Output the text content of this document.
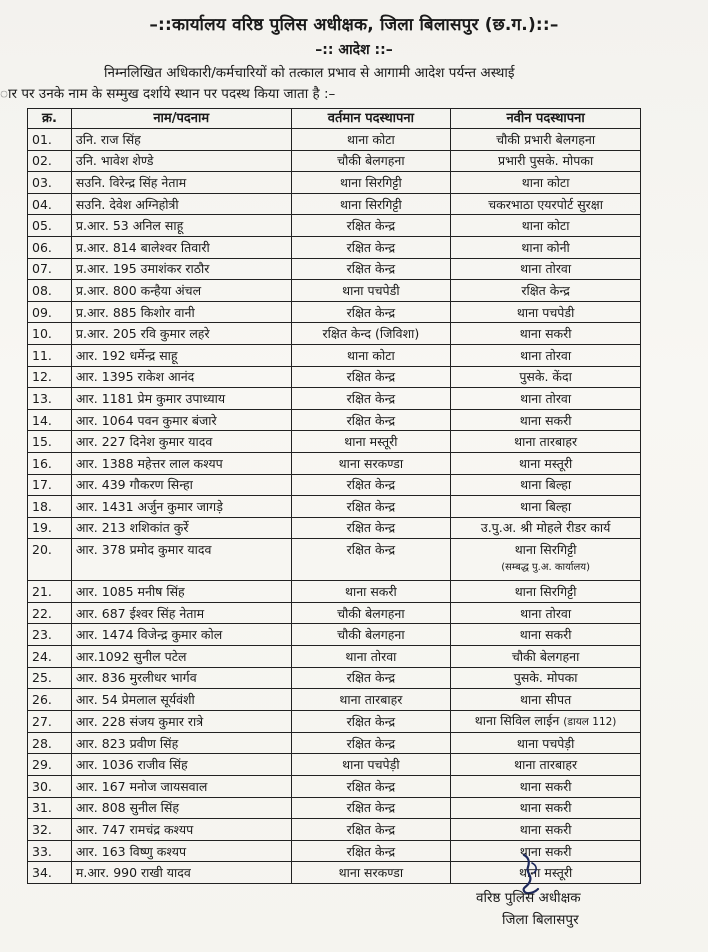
–::कार्यालय वरिष्ठ पुलिस अधीक्षक, जिला बिलासपुर (छ.ग.)::–
–:: आदेश ::–
निम्नलिखित अधिकारी/कर्मचारियों को तत्काल प्रभाव से आगामी आदेश पर्यन्त अस्थाई
ार पर उनके नाम के सम्मुख दर्शाये स्थान पर पदस्थ किया जाता है :–
क्र.	नाम/पदनाम	वर्तमान पदस्थापना	नवीन पदस्थापना
01.	उनि. राज सिंह	थाना कोटा	चौकी प्रभारी बेलगहना
02.	उनि. भावेश शेण्डे	चौकी बेलगहना	प्रभारी पुसके. मोपका
03.	सउनि. विरेन्द्र सिंह नेताम	थाना सिरगिट्टी	थाना कोटा
04.	सउनि. देवेश अग्निहोत्री	थाना सिरगिट्टी	चकरभाठा एयरपोर्ट सुरक्षा
05.	प्र.आर. 53 अनिल साहू	रक्षित केन्द्र	थाना कोटा
06.	प्र.आर. 814 बालेश्वर तिवारी	रक्षित केन्द्र	थाना कोनी
07.	प्र.आर. 195 उमाशंकर राठौर	रक्षित केन्द्र	थाना तोरवा
08.	प्र.आर. 800 कन्हैया अंचल	थाना पचपेडी	रक्षित केन्द्र
09.	प्र.आर. 885 किशोर वानी	रक्षित केन्द्र	थाना पचपेडी
10.	प्र.आर. 205 रवि कुमार लहरे	रक्षित केन्द (जिविशा)	थाना सकरी
11.	आर. 192 धर्मेन्द्र साहू	थाना कोटा	थाना तोरवा
12.	आर. 1395 राकेश आनंद	रक्षित केन्द्र	पुसके. केंदा
13.	आर. 1181 प्रेम कुमार उपाध्याय	रक्षित केन्द्र	थाना तोरवा
14.	आर. 1064 पवन कुमार बंजारे	रक्षित केन्द्र	थाना सकरी
15.	आर. 227 दिनेश कुमार यादव	थाना मस्तूरी	थाना तारबाहर
16.	आर. 1388 महेत्तर लाल कश्यप	थाना सरकण्डा	थाना मस्तूरी
17.	आर. 439 गौकरण सिन्हा	रक्षित केन्द्र	थाना बिल्हा
18.	आर. 1431 अर्जुन कुमार जागड़े	रक्षित केन्द्र	थाना बिल्हा
19.	आर. 213 शशिकांत कुर्रे	रक्षित केन्द्र	उ.पु.अ. श्री मोहले रीडर कार्य
20.	आर. 378 प्रमोद कुमार यादव	रक्षित केन्द्र	थाना सिरगिट्टी
(सम्बद्ध पु.अ. कार्यालय)

21.	आर. 1085 मनीष सिंह	थाना सकरी	थाना सिरगिट्टी
22.	आर. 687 ईश्वर सिंह नेताम	चौकी बेलगहना	थाना तोरवा
23.	आर. 1474 विजेन्द्र कुमार कोल	चौकी बेलगहना	थाना सकरी
24.	आर.1092 सुनील पटेल	थाना तोरवा	चौकी बेलगहना
25.	आर. 836 मुरलीधर भार्गव	रक्षित केन्द्र	पुसके. मोपका
26.	आर. 54 प्रेमलाल सूर्यवंशी	थाना तारबाहर	थाना सीपत
27.	आर. 228 संजय कुमार रात्रे	रक्षित केन्द्र	थाना सिविल लाईन (डायल 112)
28.	आर. 823 प्रवीण सिंह	रक्षित केन्द्र	थाना पचपेड़ी
29.	आर. 1036 राजीव सिंह	थाना पचपेड़ी	थाना तारबाहर
30.	आर. 167 मनोज जायसवाल	रक्षित केन्द्र	थाना सकरी
31.	आर. 808 सुनील सिंह	रक्षित केन्द्र	थाना सकरी
32.	आर. 747 रामचंद्र कश्यप	रक्षित केन्द्र	थाना सकरी
33.	आर. 163 विष्णु कश्यप	रक्षित केन्द्र	थाना सकरी
34.	म.आर. 990 राखी यादव	थाना सरकण्डा	थाना मस्तूरी
वरिष्ठ पुलिस अधीक्षक
जिला बिलासपुर
